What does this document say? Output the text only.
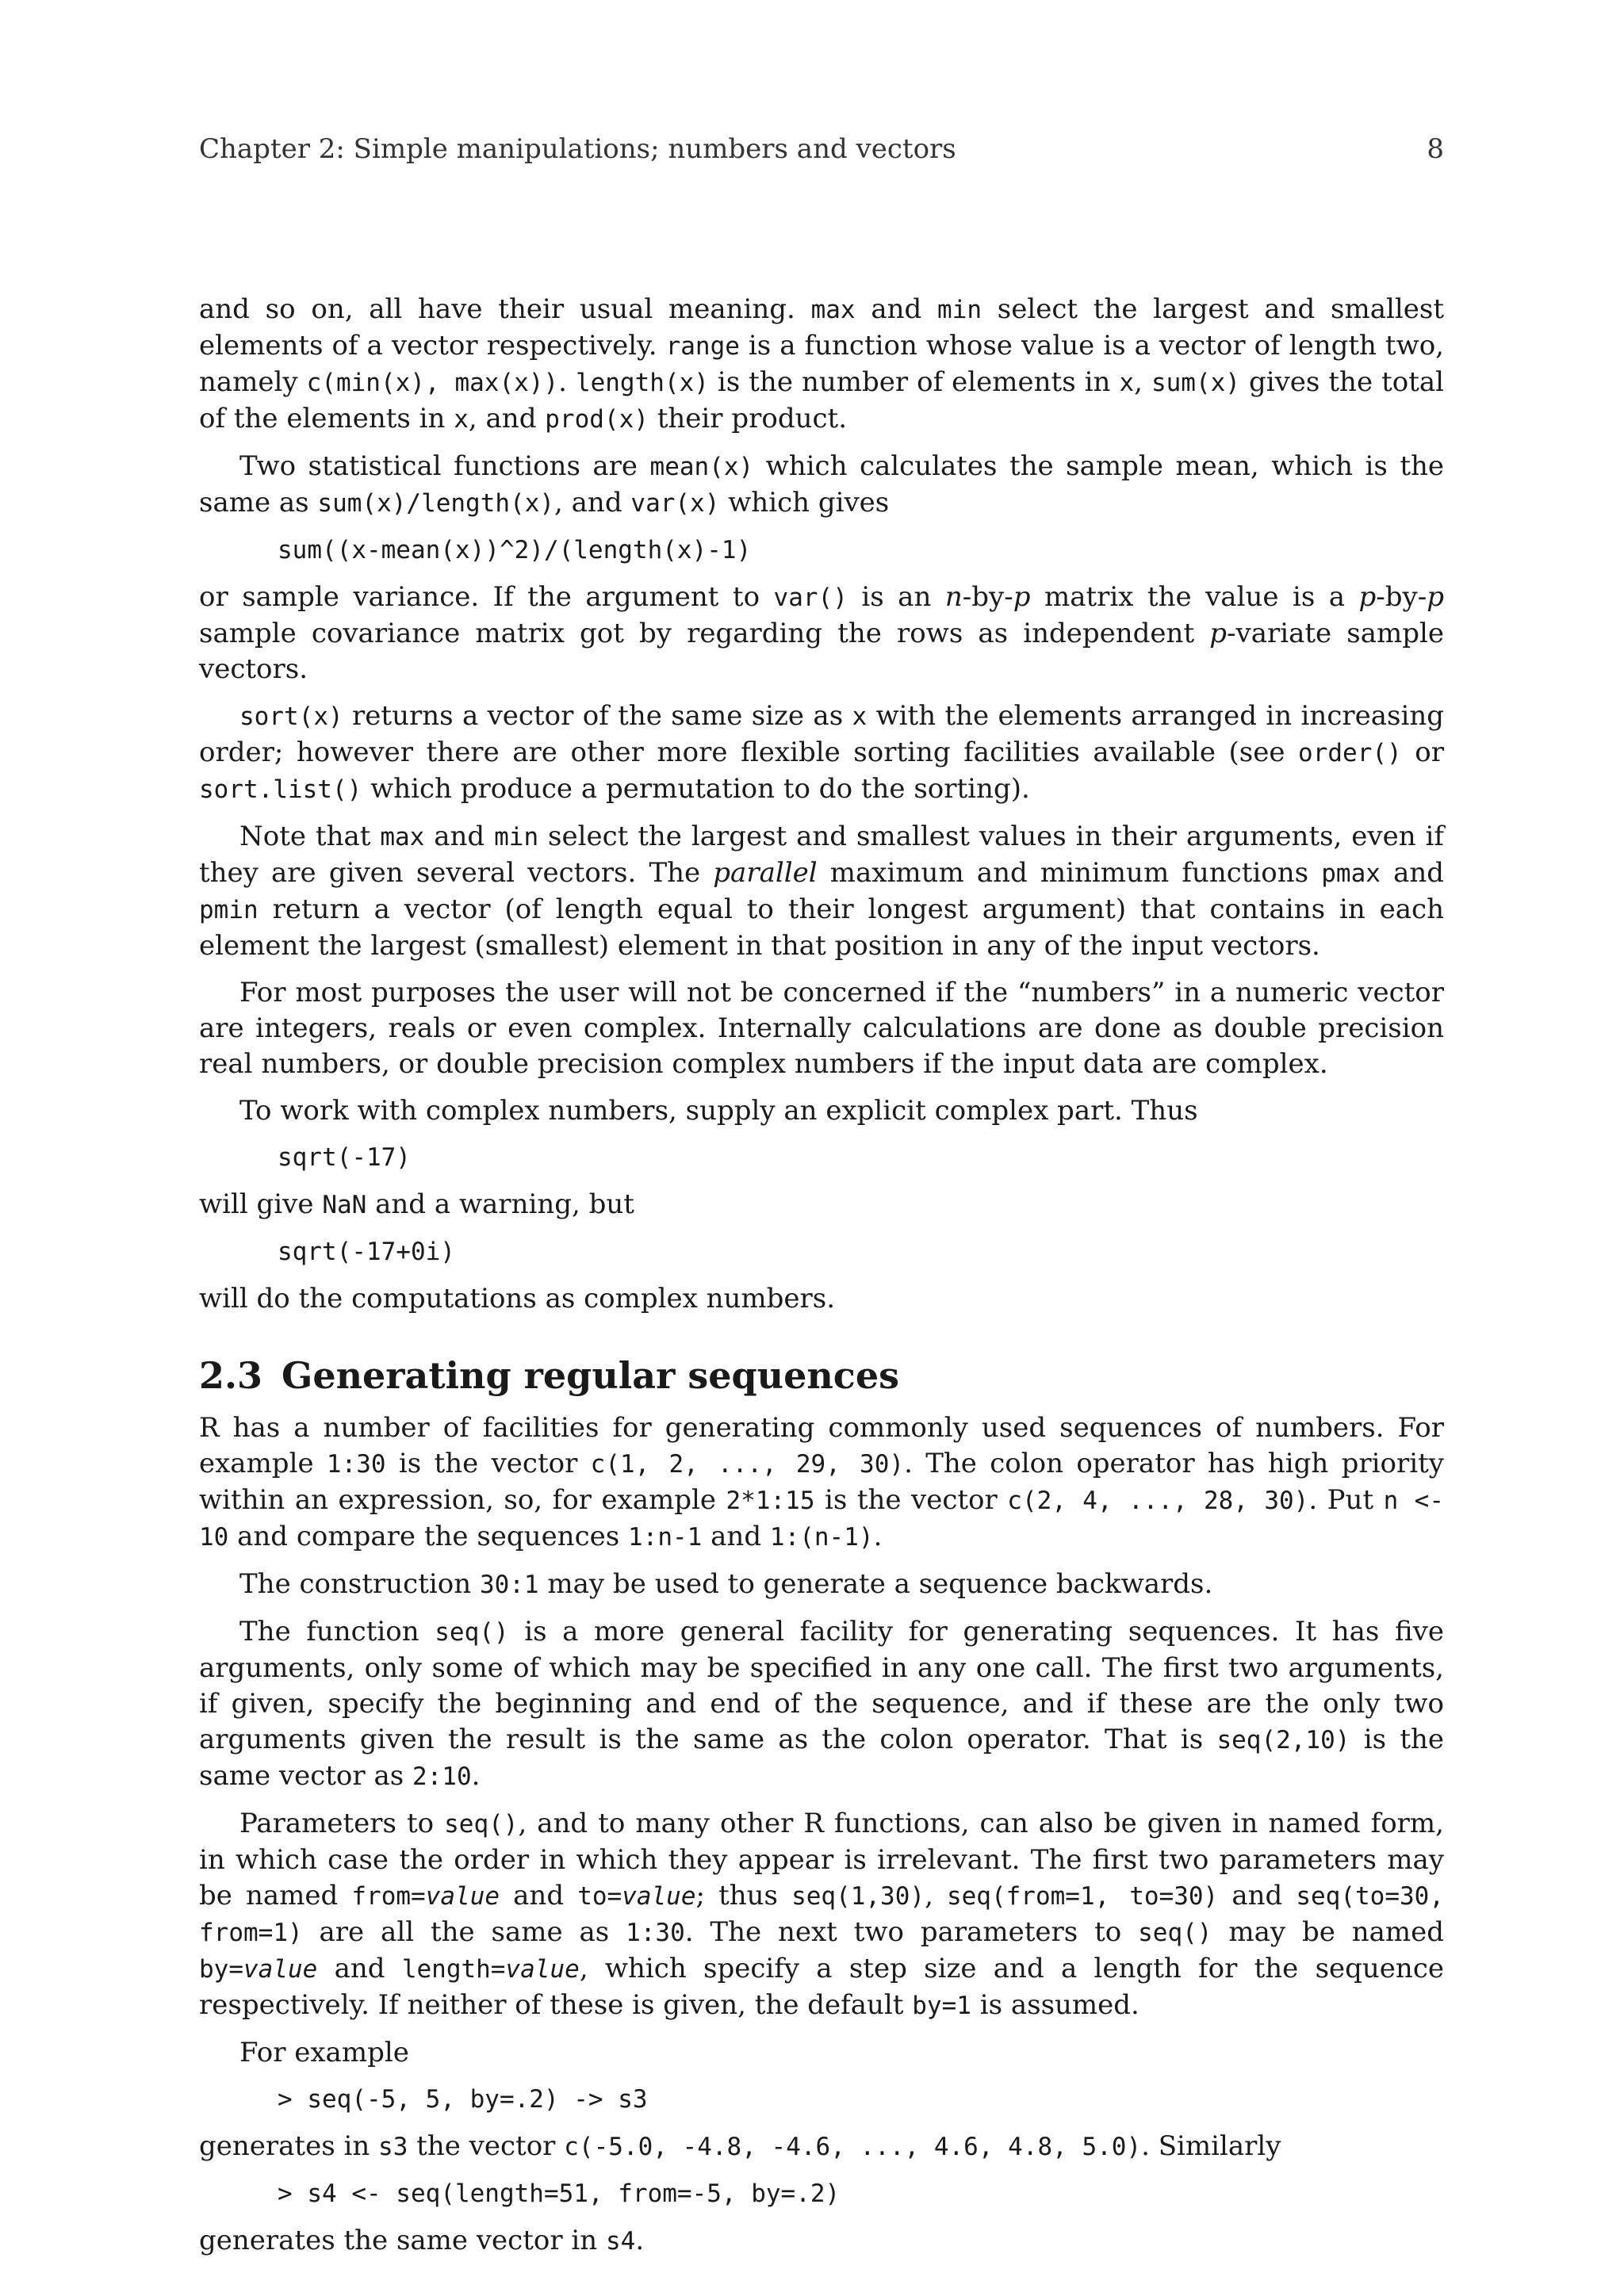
Chapter 2: Simple manipulations; numbers and vectors	8

and so on, all have their usual meaning. max and min select the largest and smallest elements of a vector respectively. range is a function whose value is a vector of length two, namely c(min(x), max(x)). length(x) is the number of elements in x, sum(x) gives the total of the elements in x, and prod(x) their product.

Two statistical functions are mean(x) which calculates the sample mean, which is the same as sum(x)/length(x), and var(x) which gives

sum((x-mean(x))^2)/(length(x)-1)

or sample variance. If the argument to var() is an n-by-p matrix the value is a p-by-p sample covariance matrix got by regarding the rows as independent p-variate sample vectors.

sort(x) returns a vector of the same size as x with the elements arranged in increasing order; however there are other more flexible sorting facilities available (see order() or sort.list() which produce a permutation to do the sorting).

Note that max and min select the largest and smallest values in their arguments, even if they are given several vectors. The parallel maximum and minimum functions pmax and pmin return a vector (of length equal to their longest argument) that contains in each element the largest (smallest) element in that position in any of the input vectors.

For most purposes the user will not be concerned if the “numbers” in a numeric vector are integers, reals or even complex. Internally calculations are done as double precision real numbers, or double precision complex numbers if the input data are complex.

To work with complex numbers, supply an explicit complex part. Thus

sqrt(-17)

will give NaN and a warning, but

sqrt(-17+0i)

will do the computations as complex numbers.

2.3 Generating regular sequences

R has a number of facilities for generating commonly used sequences of numbers. For example 1:30 is the vector c(1, 2, ..., 29, 30). The colon operator has high priority within an expression, so, for example 2*1:15 is the vector c(2, 4, ..., 28, 30). Put n <- 10 and compare the sequences 1:n-1 and 1:(n-1).

The construction 30:1 may be used to generate a sequence backwards.

The function seq() is a more general facility for generating sequences. It has five arguments, only some of which may be specified in any one call. The first two arguments, if given, specify the beginning and end of the sequence, and if these are the only two arguments given the result is the same as the colon operator. That is seq(2,10) is the same vector as 2:10.

Parameters to seq(), and to many other R functions, can also be given in named form, in which case the order in which they appear is irrelevant. The first two parameters may be named from=value and to=value; thus seq(1,30), seq(from=1, to=30) and seq(to=30, from=1) are all the same as 1:30. The next two parameters to seq() may be named by=value and length=value, which specify a step size and a length for the sequence respectively. If neither of these is given, the default by=1 is assumed.

For example

> seq(-5, 5, by=.2) -> s3

generates in s3 the vector c(-5.0, -4.8, -4.6, ..., 4.6, 4.8, 5.0). Similarly

> s4 <- seq(length=51, from=-5, by=.2)

generates the same vector in s4.
